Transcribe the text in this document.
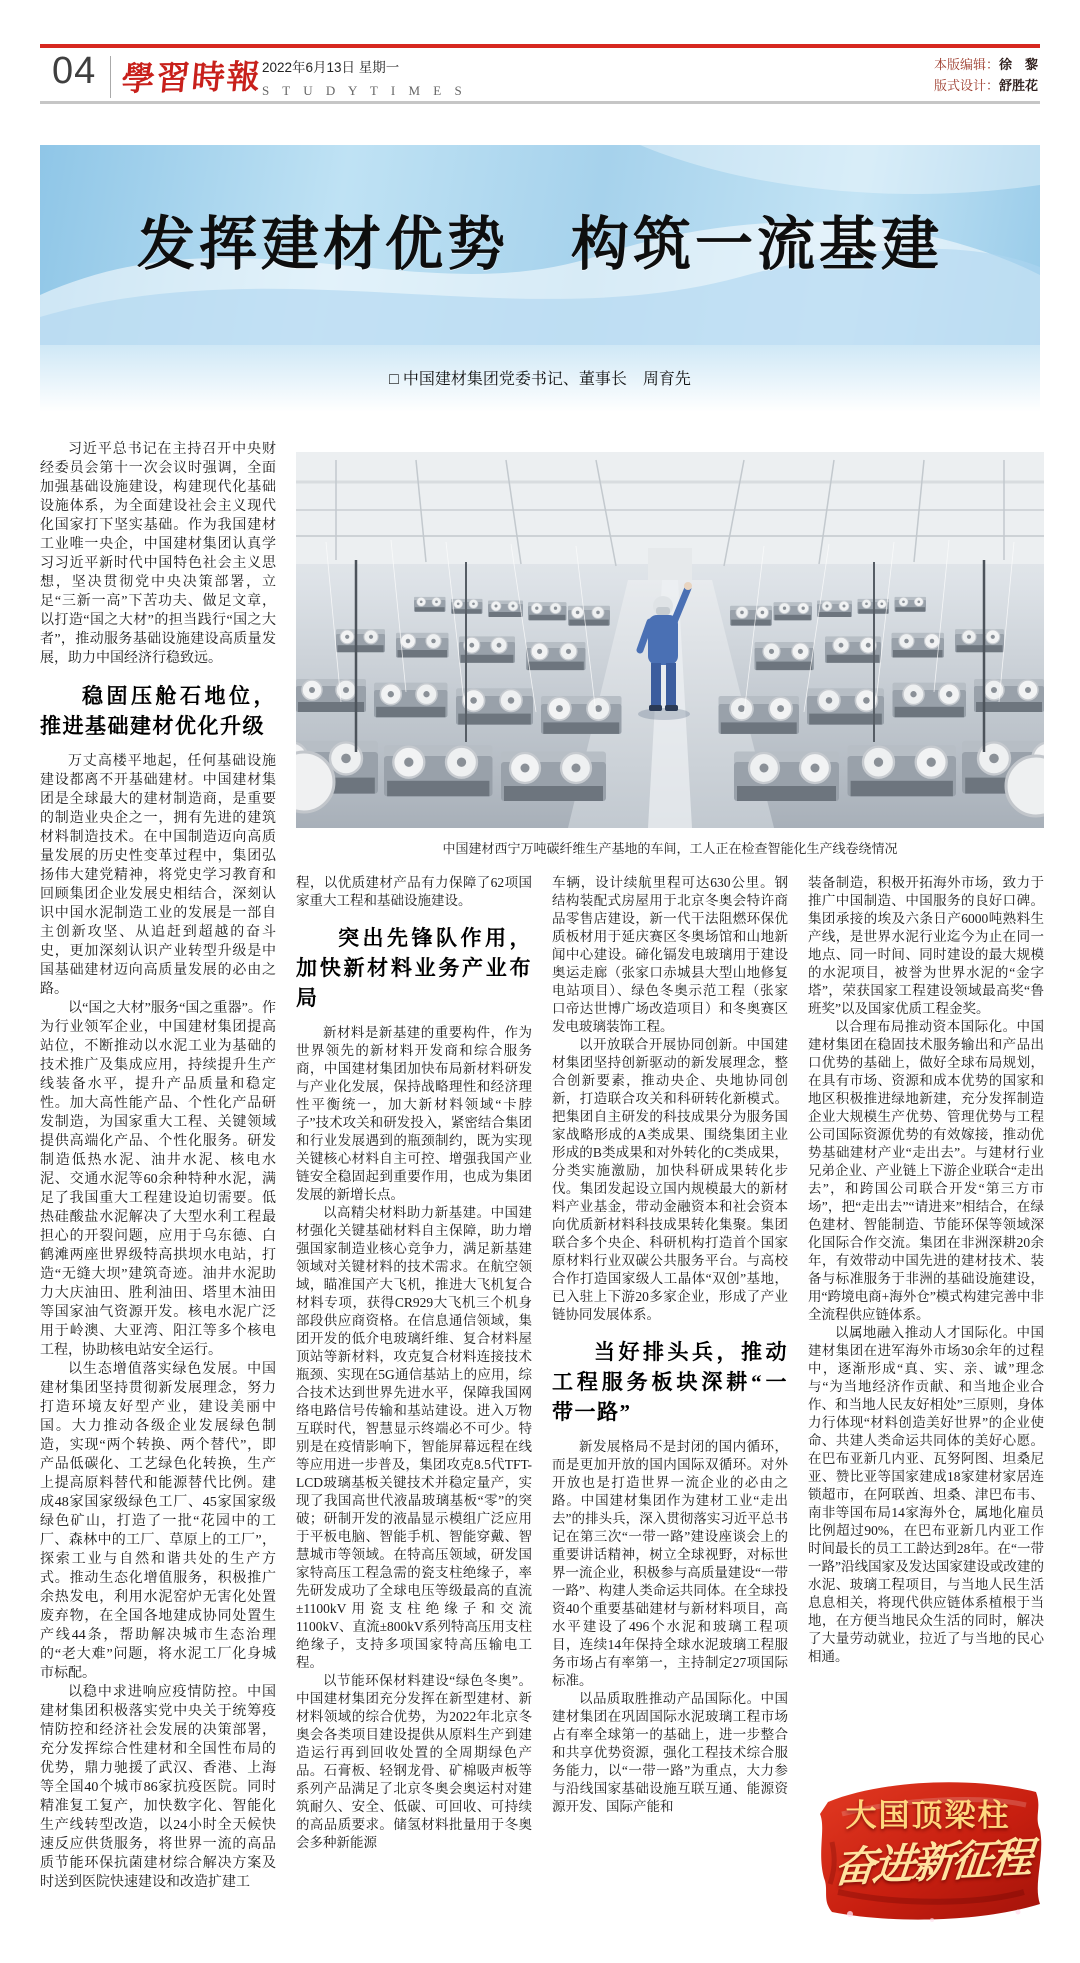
04 學習時報
2022年6月13日 星期一
S T U D Y T I M E S
本版编辑：徐　黎
版式设计：舒胜花
发挥建材优势　构筑一流基建
□ 中国建材集团党委书记、董事长　周育先
中国建材西宁万吨碳纤维生产基地的车间，工人正在检查智能化生产线卷绕情况

习近平总书记在主持召开中央财经委员会第十一次会议时强调，全面加强基础设施建设，构建现代化基础设施体系，为全面建设社会主义现代化国家打下坚实基础。作为我国建材工业唯一央企，中国建材集团认真学习习近平新时代中国特色社会主义思想，坚决贯彻党中央决策部署，立足“三新一高”下苦功夫、做足文章，以打造“国之大材”的担当践行“国之大者”，推动服务基础设施建设高质量发展，助力中国经济行稳致远。

稳固压舱石地位，推进基础建材优化升级

万丈高楼平地起，任何基础设施建设都离不开基础建材。中国建材集团是全球最大的建材制造商，是重要的制造业央企之一，拥有先进的建筑材料制造技术。在中国制造迈向高质量发展的历史性变革过程中，集团弘扬伟大建党精神，将党史学习教育和回顾集团企业发展史相结合，深刻认识中国水泥制造工业的发展是一部自主创新攻坚、从追赶到超越的奋斗史，更加深刻认识产业转型升级是中国基础建材迈向高质量发展的必由之路。

以“国之大材”服务“国之重器”。作为行业领军企业，中国建材集团提高站位，不断推动以水泥工业为基础的技术推广及集成应用，持续提升生产线装备水平，提升产品质量和稳定性。加大高性能产品、个性化产品研发制造，为国家重大工程、关键领域提供高端化产品、个性化服务。研发制造低热水泥、油井水泥、核电水泥、交通水泥等60余种特种水泥，满足了我国重大工程建设迫切需要。低热硅酸盐水泥解决了大型水利工程最担心的开裂问题，应用于乌东德、白鹤滩两座世界级特高拱坝水电站，打造“无缝大坝”建筑奇迹。油井水泥助力大庆油田、胜利油田、塔里木油田等国家油气资源开发。核电水泥广泛用于岭澳、大亚湾、阳江等多个核电工程，协助核电站安全运行。

以生态增值落实绿色发展。中国建材集团坚持贯彻新发展理念，努力打造环境友好型产业，建设美丽中国。大力推动各级企业发展绿色制造，实现“两个转换、两个替代”，即产品低碳化、工艺绿色化转换，生产上提高原料替代和能源替代比例。建成48家国家级绿色工厂、45家国家级绿色矿山，打造了一批“花园中的工厂、森林中的工厂、草原上的工厂”，探索工业与自然和谐共处的生产方式。推动生态化增值服务，积极推广余热发电，利用水泥窑炉无害化处置废弃物，在全国各地建成协同处置生产线44条，帮助解决城市生态治理的“老大难”问题，将水泥工厂化身城市标配。

以稳中求进响应疫情防控。中国建材集团积极落实党中央关于统筹疫情防控和经济社会发展的决策部署，充分发挥综合性建材和全国性布局的优势，鼎力驰援了武汉、香港、上海等全国40个城市86家抗疫医院。同时精准复工复产，加快数字化、智能化生产线转型改造，以24小时全天候快速反应供货服务，将世界一流的高品质节能环保抗菌建材综合解决方案及时送到医院快速建设和改造扩建工

程，以优质建材产品有力保障了62项国家重大工程和基础设施建设。

突出先锋队作用，加快新材料业务产业布局

新材料是新基建的重要构件，作为世界领先的新材料开发商和综合服务商，中国建材集团加快布局新材料研发与产业化发展，保持战略理性和经济理性平衡统一，加大新材料领域“卡脖子”技术攻关和研发投入，紧密结合集团和行业发展遇到的瓶颈制约，既为实现关键核心材料自主可控、增强我国产业链安全稳固起到重要作用，也成为集团发展的新增长点。

以高精尖材料助力新基建。中国建材强化关键基础材料自主保障，助力增强国家制造业核心竞争力，满足新基建领域对关键材料的技术需求。在航空领域，瞄准国产大飞机，推进大飞机复合材料专项，获得CR929大飞机三个机身部段供应商资格。在信息通信领域，集团开发的低介电玻璃纤维、复合材料屋顶站等新材料，攻克复合材料连接技术瓶颈、实现在5G通信基站上的应用，综合技术达到世界先进水平，保障我国网络电路信号传输和基站建设。进入万物互联时代，智慧显示终端必不可少。特别是在疫情影响下，智能屏幕远程在线等应用进一步普及，集团攻克8.5代TFT-LCD玻璃基板关键技术并稳定量产，实现了我国高世代液晶玻璃基板“零”的突破；研制开发的液晶显示模组广泛应用于平板电脑、智能手机、智能穿戴、智慧城市等领域。在特高压领域，研发国家特高压工程急需的瓷支柱绝缘子，率先研发成功了全球电压等级最高的直流±1100kV用瓷支柱绝缘子和交流1100kV、直流±800kV系列特高压用支柱绝缘子，支持多项国家特高压输电工程。

以节能环保材料建设“绿色冬奥”。中国建材集团充分发挥在新型建材、新材料领域的综合优势，为2022年北京冬奥会各类项目建设提供从原料生产到建造运行再到回收处置的全周期绿色产品。石膏板、轻钢龙骨、矿棉吸声板等系列产品满足了北京冬奥会奥运村对建筑耐久、安全、低碳、可回收、可持续的高品质要求。储氢材料批量用于冬奥会多种新能源

车辆，设计续航里程可达630公里。钢结构装配式房屋用于北京冬奥会特许商品零售店建设，新一代干法阻燃环保优质板材用于延庆赛区冬奥场馆和山地新闻中心建设。碲化镉发电玻璃用于建设奥运走廊（张家口赤城县大型山地修复电站项目）、绿色冬奥示范工程（张家口帝达世博广场改造项目）和冬奥赛区发电玻璃装饰工程。

以开放联合开展协同创新。中国建材集团坚持创新驱动的新发展理念，整合创新要素，推动央企、央地协同创新，打造联合攻关和科研转化新模式。把集团自主研发的科技成果分为服务国家战略形成的A类成果、围绕集团主业形成的B类成果和对外转化的C类成果，分类实施激励，加快科研成果转化步伐。集团发起设立国内规模最大的新材料产业基金，带动金融资本和社会资本向优质新材料科技成果转化集聚。集团联合多个央企、科研机构打造首个国家原材料行业双碳公共服务平台。与高校合作打造国家级人工晶体“双创”基地，已入驻上下游20多家企业，形成了产业链协同发展体系。

当好排头兵，推动工程服务板块深耕“一带一路”

新发展格局不是封闭的国内循环，而是更加开放的国内国际双循环。对外开放也是打造世界一流企业的必由之路。中国建材集团作为建材工业“走出去”的排头兵，深入贯彻落实习近平总书记在第三次“一带一路”建设座谈会上的重要讲话精神，树立全球视野，对标世界一流企业，积极参与高质量建设“一带一路”、构建人类命运共同体。在全球投资40个重要基础建材与新材料项目，高水平建设了496个水泥和玻璃工程项目，连续14年保持全球水泥玻璃工程服务市场占有率第一，主持制定27项国际标准。

以品质取胜推动产品国际化。中国建材集团在巩固国际水泥玻璃工程市场占有率全球第一的基础上，进一步整合和共享优势资源，强化工程技术综合服务能力，以“一带一路”为重点，大力参与沿线国家基础设施互联互通、能源资源开发、国际产能和

装备制造，积极开拓海外市场，致力于推广中国制造、中国服务的良好口碑。集团承接的埃及六条日产6000吨熟料生产线，是世界水泥行业迄今为止在同一地点、同一时间、同时建设的最大规模的水泥项目，被誉为世界水泥的“金字塔”，荣获国家工程建设领域最高奖“鲁班奖”以及国家优质工程金奖。

以合理布局推动资本国际化。中国建材集团在稳固技术服务输出和产品出口优势的基础上，做好全球布局规划，在具有市场、资源和成本优势的国家和地区积极推进绿地新建，充分发挥制造企业大规模生产优势、管理优势与工程公司国际资源优势的有效嫁接，推动优势基础建材产业“走出去”。与建材行业兄弟企业、产业链上下游企业联合“走出去”，和跨国公司联合开发“第三方市场”，把“走出去”“请进来”相结合，在绿色建材、智能制造、节能环保等领域深化国际合作交流。集团在非洲深耕20余年，有效带动中国先进的建材技术、装备与标准服务于非洲的基础设施建设，用“跨境电商+海外仓”模式构建完善中非全流程供应链体系。

以属地融入推动人才国际化。中国建材集团在进军海外市场30余年的过程中，逐渐形成“真、实、亲、诚”理念与“为当地经济作贡献、和当地企业合作、和当地人民友好相处”三原则，身体力行体现“材料创造美好世界”的企业使命、共建人类命运共同体的美好心愿。在巴布亚新几内亚、瓦努阿图、坦桑尼亚、赞比亚等国家建成18家建材家居连锁超市，在阿联酋、坦桑、津巴布韦、南非等国布局14家海外仓，属地化雇员比例超过90%，在巴布亚新几内亚工作时间最长的员工工龄达到28年。在“一带一路”沿线国家及发达国家建设或改建的水泥、玻璃工程项目，与当地人民生活息息相关，将现代供应链体系植根于当地，在方便当地民众生活的同时，解决了大量劳动就业，拉近了与当地的民心相通。

大国顶梁柱
奋进新征程
